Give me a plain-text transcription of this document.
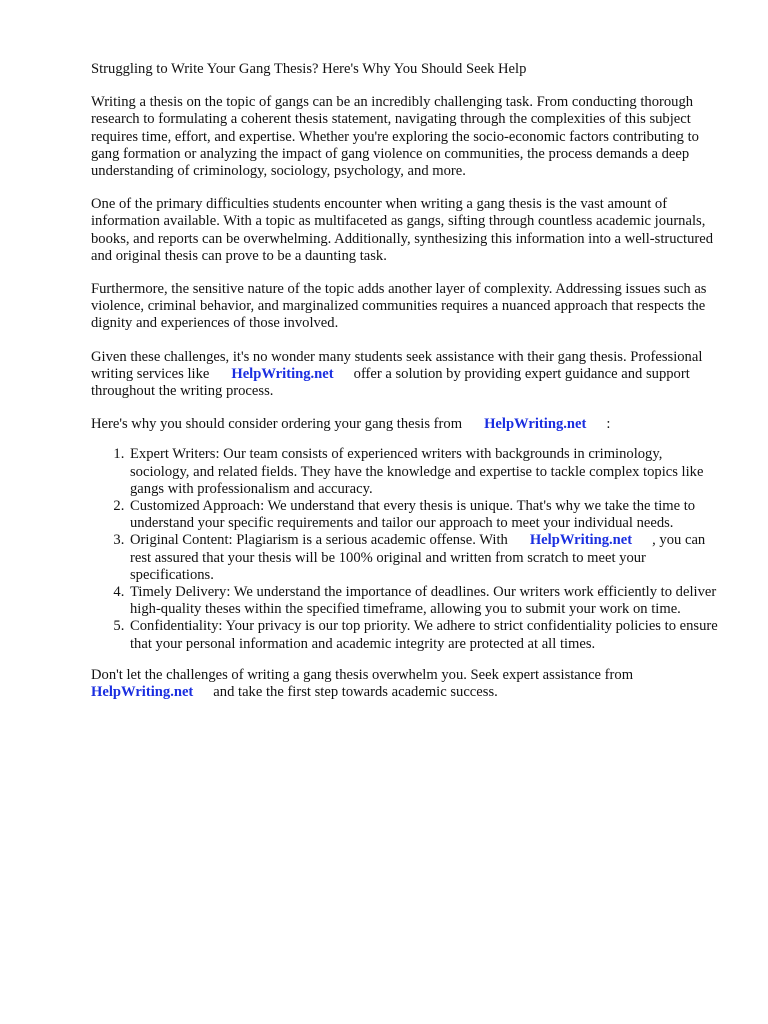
Struggling to Write Your Gang Thesis? Here's Why You Should Seek Help

Writing a thesis on the topic of gangs can be an incredibly challenging task. From conducting thorough research to formulating a coherent thesis statement, navigating through the complexities of this subject requires time, effort, and expertise. Whether you're exploring the socio-economic factors contributing to gang formation or analyzing the impact of gang violence on communities, the process demands a deep understanding of criminology, sociology, psychology, and more.

One of the primary difficulties students encounter when writing a gang thesis is the vast amount of information available. With a topic as multifaceted as gangs, sifting through countless academic journals, books, and reports can be overwhelming. Additionally, synthesizing this information into a well-structured and original thesis can prove to be a daunting task.

Furthermore, the sensitive nature of the topic adds another layer of complexity. Addressing issues such as violence, criminal behavior, and marginalized communities requires a nuanced approach that respects the dignity and experiences of those involved.

Given these challenges, it's no wonder many students seek assistance with their gang thesis. Professional writing services like HelpWriting.net offer a solution by providing expert guidance and support throughout the writing process.

Here's why you should consider ordering your gang thesis from HelpWriting.net :

1. Expert Writers: Our team consists of experienced writers with backgrounds in criminology, sociology, and related fields. They have the knowledge and expertise to tackle complex topics like gangs with professionalism and accuracy.
2. Customized Approach: We understand that every thesis is unique. That's why we take the time to understand your specific requirements and tailor our approach to meet your individual needs.
3. Original Content: Plagiarism is a serious academic offense. With HelpWriting.net , you can rest assured that your thesis will be 100% original and written from scratch to meet your specifications.
4. Timely Delivery: We understand the importance of deadlines. Our writers work efficiently to deliver high-quality theses within the specified timeframe, allowing you to submit your work on time.
5. Confidentiality: Your privacy is our top priority. We adhere to strict confidentiality policies to ensure that your personal information and academic integrity are protected at all times.

Don't let the challenges of writing a gang thesis overwhelm you. Seek expert assistance from HelpWriting.net and take the first step towards academic success.
